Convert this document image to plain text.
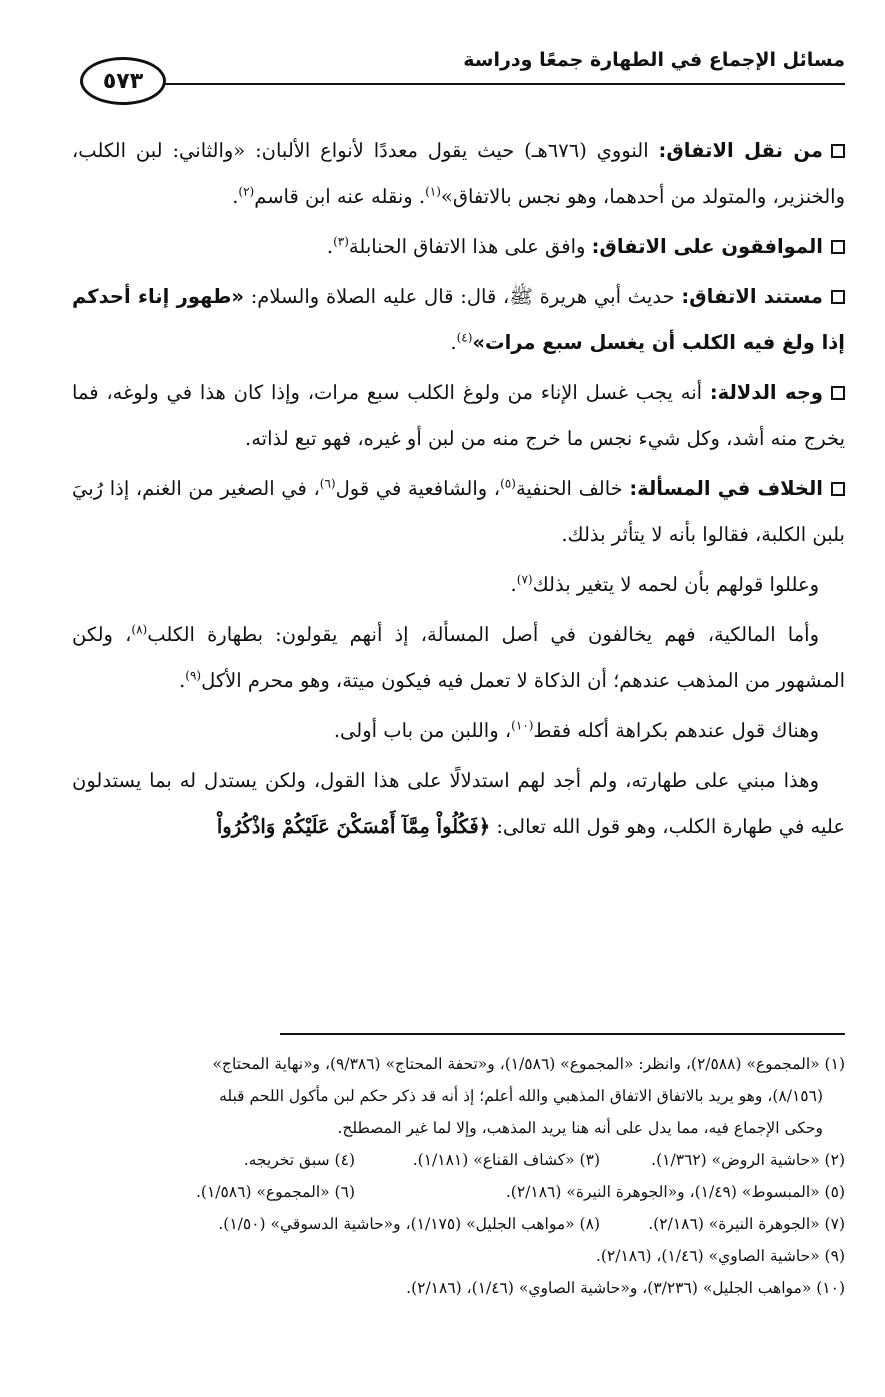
مسائل الإجماع في الطهارة جمعًا ودراسة
٥٧٣

من نقل الاتفاق: النووي (٦٧٦هـ) حيث يقول معددًا لأنواع الألبان: «والثاني: لبن الكلب، والخنزير، والمتولد من أحدهما، وهو نجس بالاتفاق»$^{(١)}$. ونقله عنه ابن قاسم$^{(٢)}$.

الموافقون على الاتفاق: وافق على هذا الاتفاق الحنابلة$^{(٣)}$.

مستند الاتفاق: حديث أبي هريرة ﷺ، قال: قال عليه الصلاة والسلام: «طهور إناء أحدكم إذا ولغ فيه الكلب أن يغسل سبع مرات»$^{(٤)}$.

وجه الدلالة: أنه يجب غسل الإناء من ولوغ الكلب سبع مرات، وإذا كان هذا في ولوغه، فما يخرج منه أشد، وكل شيء نجس ما خرج منه من لبن أو غيره، فهو تبع لذاته.

الخلاف في المسألة: خالف الحنفية$^{(٥)}$، والشافعية في قول$^{(٦)}$، في الصغير من الغنم، إذا رُبيَ بلبن الكلبة، فقالوا بأنه لا يتأثر بذلك.

وعللوا قولهم بأن لحمه لا يتغير بذلك$^{(٧)}$.

وأما المالكية، فهم يخالفون في أصل المسألة، إذ أنهم يقولون: بطهارة الكلب$^{(٨)}$، ولكن المشهور من المذهب عندهم؛ أن الذكاة لا تعمل فيه فيكون ميتة، وهو محرم الأكل$^{(٩)}$.

وهناك قول عندهم بكراهة أكله فقط$^{(١٠)}$، واللبن من باب أولى.

وهذا مبني على طهارته، ولم أجد لهم استدلالًا على هذا القول، ولكن يستدل له بما يستدلون عليه في طهارة الكلب، وهو قول الله تعالى: ﴿فَكُلُواْ مِمَّآ أَمْسَكْنَ عَلَيْكُمْ وَاذْكُرُواْ

(١) «المجموع» (٢/٥٨٨)، وانظر: «المجموع» (١/٥٨٦)، و«تحفة المحتاج» (٩/٣٨٦)، و«نهاية المحتاج»

(٨/١٥٦)، وهو يريد بالاتفاق الاتفاق المذهبي والله أعلم؛ إذ أنه قد ذكر حكم لبن مأكول اللحم قبله

وحكى الإجماع فيه، مما يدل على أنه هنا يريد المذهب، وإلا لما غير المصطلح.

(٢) «حاشية الروض» (١/٣٦٢).
(٣) «كشاف القناع» (١/١٨١).
(٤) سبق تخريجه.
(٥) «المبسوط» (١/٤٩)، و«الجوهرة النيرة» (٢/١٨٦).
(٦) «المجموع» (١/٥٨٦).
(٧) «الجوهرة النيرة» (٢/١٨٦).
(٨) «مواهب الجليل» (١/١٧٥)، و«حاشية الدسوقي» (١/٥٠).

(٩) «حاشية الصاوي» (١/٤٦)، (٢/١٨٦).

(١٠) «مواهب الجليل» (٣/٢٣٦)، و«حاشية الصاوي» (١/٤٦)، (٢/١٨٦).
